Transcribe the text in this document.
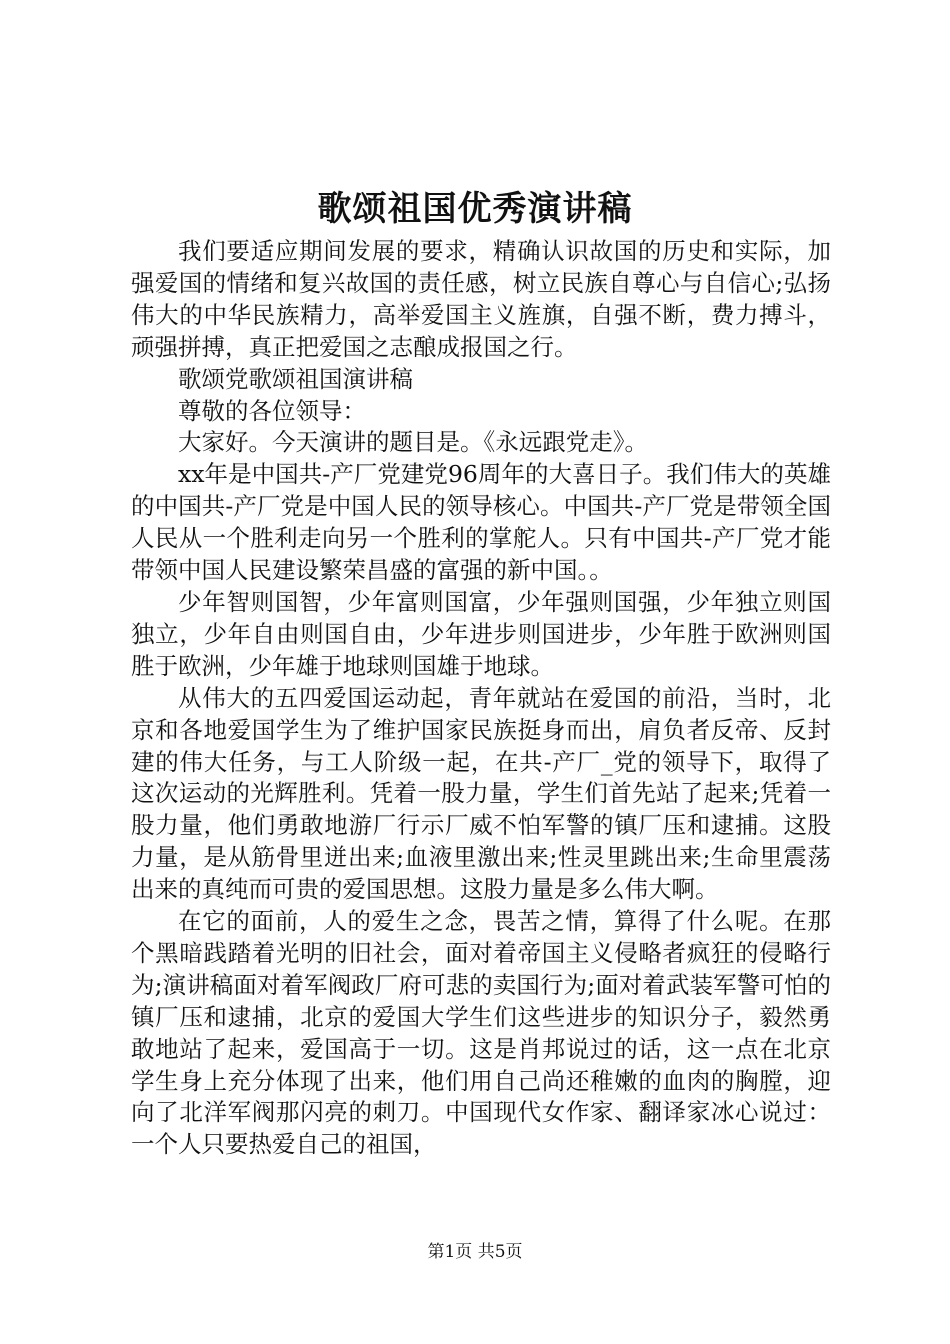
歌颂祖国优秀演讲稿

我们要适应期间发展的要求，精确认识故国的历史和实际，加强爱国的情绪和复兴故国的责任感，树立民族自尊心与自信心;弘扬伟大的中华民族精力，高举爱国主义旌旗，自强不断，费力搏斗，顽强拼搏，真正把爱国之志酿成报国之行。

歌颂党歌颂祖国演讲稿

尊敬的各位领导：

大家好。今天演讲的题目是。《永远跟党走》。

xx年是中国共-产厂党建党96周年的大喜日子。我们伟大的英雄的中国共-产厂党是中国人民的领导核心。中国共-产厂党是带领全国人民从一个胜利走向另一个胜利的掌舵人。只有中国共-产厂党才能带领中国人民建设繁荣昌盛的富强的新中国。。

少年智则国智，少年富则国富，少年强则国强，少年独立则国独立，少年自由则国自由，少年进步则国进步，少年胜于欧洲则国胜于欧洲，少年雄于地球则国雄于地球。

从伟大的五四爱国运动起，青年就站在爱国的前沿，当时，北京和各地爱国学生为了维护国家民族挺身而出，肩负者反帝、反封建的伟大任务，与工人阶级一起，在共-产厂_党的领导下，取得了这次运动的光辉胜利。凭着一股力量，学生们首先站了起来;凭着一股力量，他们勇敢地游厂行示厂威不怕军警的镇厂压和逮捕。这股力量，是从筋骨里迸出来;血液里激出来;性灵里跳出来;生命里震荡出来的真纯而可贵的爱国思想。这股力量是多么伟大啊。

在它的面前，人的爱生之念，畏苦之情，算得了什么呢。在那个黑暗践踏着光明的旧社会，面对着帝国主义侵略者疯狂的侵略行为;演讲稿面对着军阀政厂府可悲的卖国行为;面对着武装军警可怕的镇厂压和逮捕，北京的爱国大学生们这些进步的知识分子，毅然勇敢地站了起来，爱国高于一切。这是肖邦说过的话，这一点在北京学生身上充分体现了出来，他们用自己尚还稚嫩的血肉的胸膛，迎向了北洋军阀那闪亮的刺刀。中国现代女作家、翻译家冰心说过：一个人只要热爱自己的祖国，

第1页 共5页
